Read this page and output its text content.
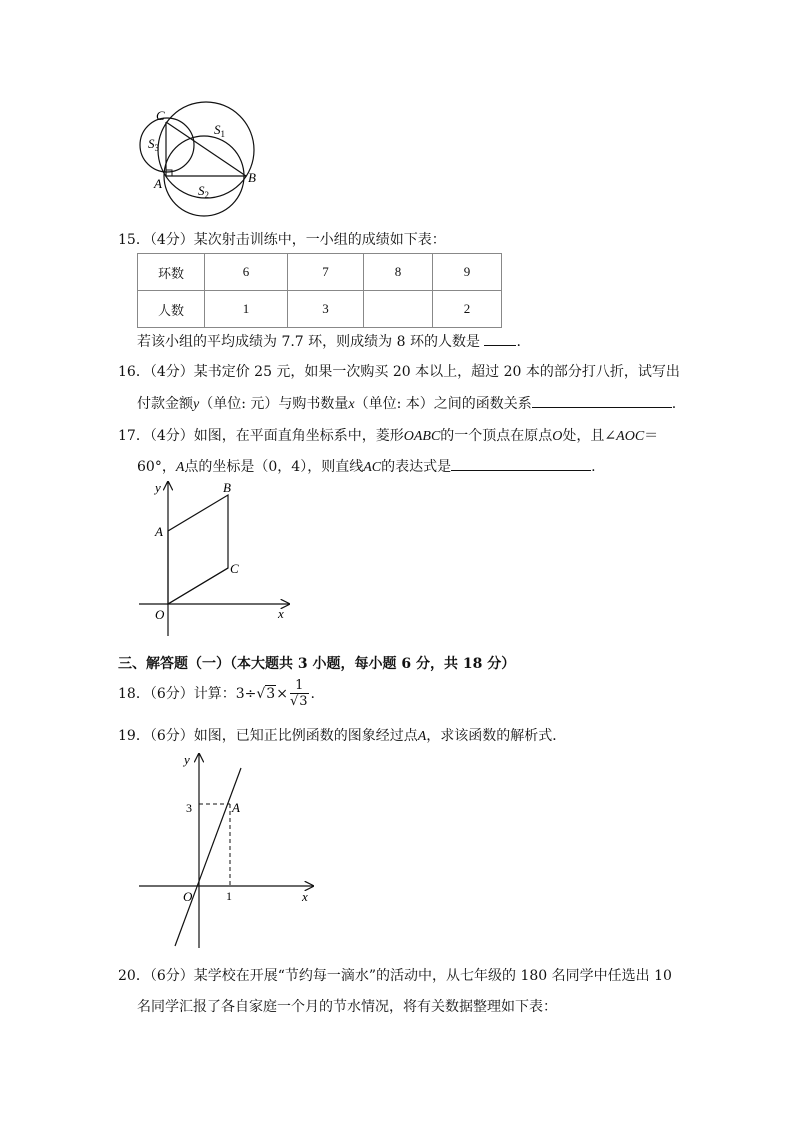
C
A	B
$S_1$
$S_3$
$S_2$
15．（4分）某次射击训练中，一小组的成绩如下表：
环数	6	7	8	9
人数	1	3		2
若该小组的平均成绩为 7.7 环，则成绩为 8 环的人数是	.
16．（4分）某书定价 25 元，如果一次购买 20 本以上，超过 20 本的部分打八折，试写出
付款金额y（单位: 元）与购书数量x（单位: 本）之间的函数关系	.
17．（4分）如图，在平面直角坐标系中，菱形OABC的一个顶点在原点O处，且∠AOC＝
60°，A点的坐标是（0，4），则直线AC的表达式是	.
y	B
A
C
O	x
三、解答题（一）（本大题共 3 小题，每小题 6 分，共 18 分）
18．（6分）计算：$3\div√3\times \frac{1}{√3}$ .
19．（6分）如图，已知正比例函数的图象经过点A，求该函数的解析式．
y
3	A
O	1	x
20．（6分）某学校在开展“节约每一滴水”的活动中，从七年级的 180 名同学中任选出 10
名同学汇报了各自家庭一个月的节水情况，将有关数据整理如下表：
